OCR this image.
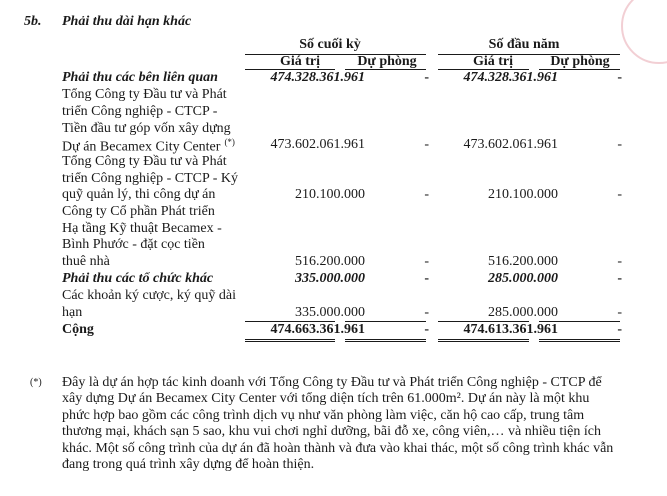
5b. Phải thu dài hạn khác
Số cuối kỳ	Số đầu năm
Giá trị	Dự phòng	Giá trị	Dự phòng
Phải thu các bên liên quan	474.328.361.961	-	474.328.361.961	-
Tổng Công ty Đầu tư và Phát
triển Công nghiệp - CTCP -
Tiền đầu tư góp vốn xây dựng
Dự án Becamex City Center (*)	473.602.061.961	-	473.602.061.961	-
Tổng Công ty Đầu tư và Phát
triển Công nghiệp - CTCP - Ký
quỹ quản lý, thi công dự án	210.100.000	-	210.100.000	-
Công ty Cổ phần Phát triển
Hạ tầng Kỹ thuật Becamex -
Bình Phước - đặt cọc tiền
thuê nhà	516.200.000	-	516.200.000	-
Phải thu các tổ chức khác	335.000.000	-	285.000.000	-
Các khoản ký cược, ký quỹ dài
hạn	335.000.000	-	285.000.000	-
Cộng	474.663.361.961	-	474.613.361.961	-
(*) Đây là dự án hợp tác kinh doanh với Tổng Công ty Đầu tư và Phát triển Công nghiệp - CTCP để
xây dựng Dự án Becamex City Center với tổng diện tích trên 61.000m². Dự án này là một khu
phức hợp bao gồm các công trình dịch vụ như văn phòng làm việc, căn hộ cao cấp, trung tâm
thương mại, khách sạn 5 sao, khu vui chơi nghỉ dưỡng, bãi đỗ xe, công viên,… và nhiều tiện ích
khác. Một số công trình của dự án đã hoàn thành và đưa vào khai thác, một số công trình khác vẫn
đang trong quá trình xây dựng để hoàn thiện.
